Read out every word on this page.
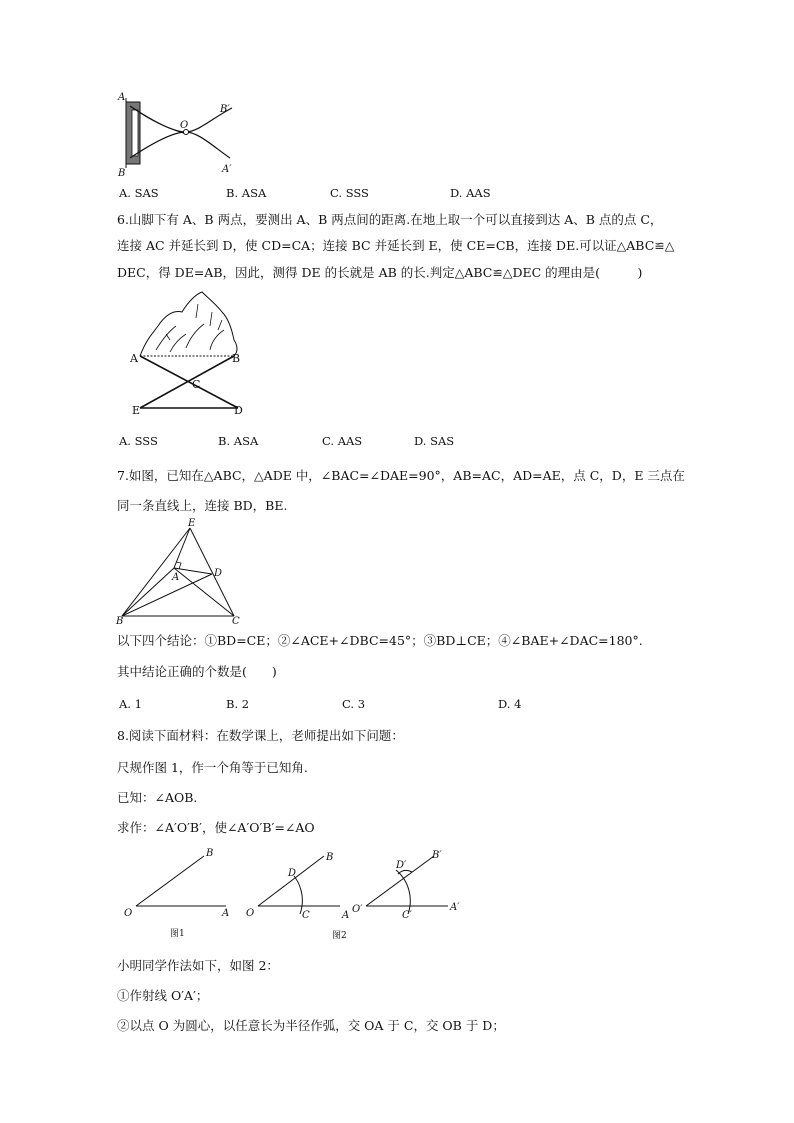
A
B
O
B′
A′
A. SAS	B. ASA	C. SSS	D. AAS
6.山脚下有 A、B 两点，要测出 A、B 两点间的距离.在地上取一个可以直接到达 A、B 点的点 C，
连接 AC 并延长到 D，使 CD=CA；连接 BC 并延长到 E，使 CE=CB，连接 DE.可以证△ABC≌△
DEC，得 DE=AB，因此，测得 DE 的长就是 AB 的长.判定△ABC≌△DEC 的理由是(　　　)
A	B
C
E	D
A. SSS	B. ASA	C. AAS	D. SAS
7.如图，已知在△ABC，△ADE 中，∠BAC=∠DAE=90°，AB=AC，AD=AE，点 C，D，E 三点在
同一条直线上，连接 BD，BE.
E
A	D
B	C
以下四个结论：①BD=CE；②∠ACE+∠DBC=45°；③BD⊥CE；④∠BAE+∠DAC=180°.
其中结论正确的个数是(　　)
A. 1	B. 2	C. 3	D. 4
8.阅读下面材料：在数学课上，老师提出如下问题：
尺规作图 1，作一个角等于已知角.
已知：∠AOB.
求作：∠A′O′B′，使∠A′O′B′=∠AO
O	A
B
图1
O	A
B
C
D
图2
O′	A′
B′
C′
D′
小明同学作法如下，如图 2：
①作射线 O′A′；
②以点 O 为圆心，以任意长为半径作弧，交 OA 于 C，交 OB 于 D；
